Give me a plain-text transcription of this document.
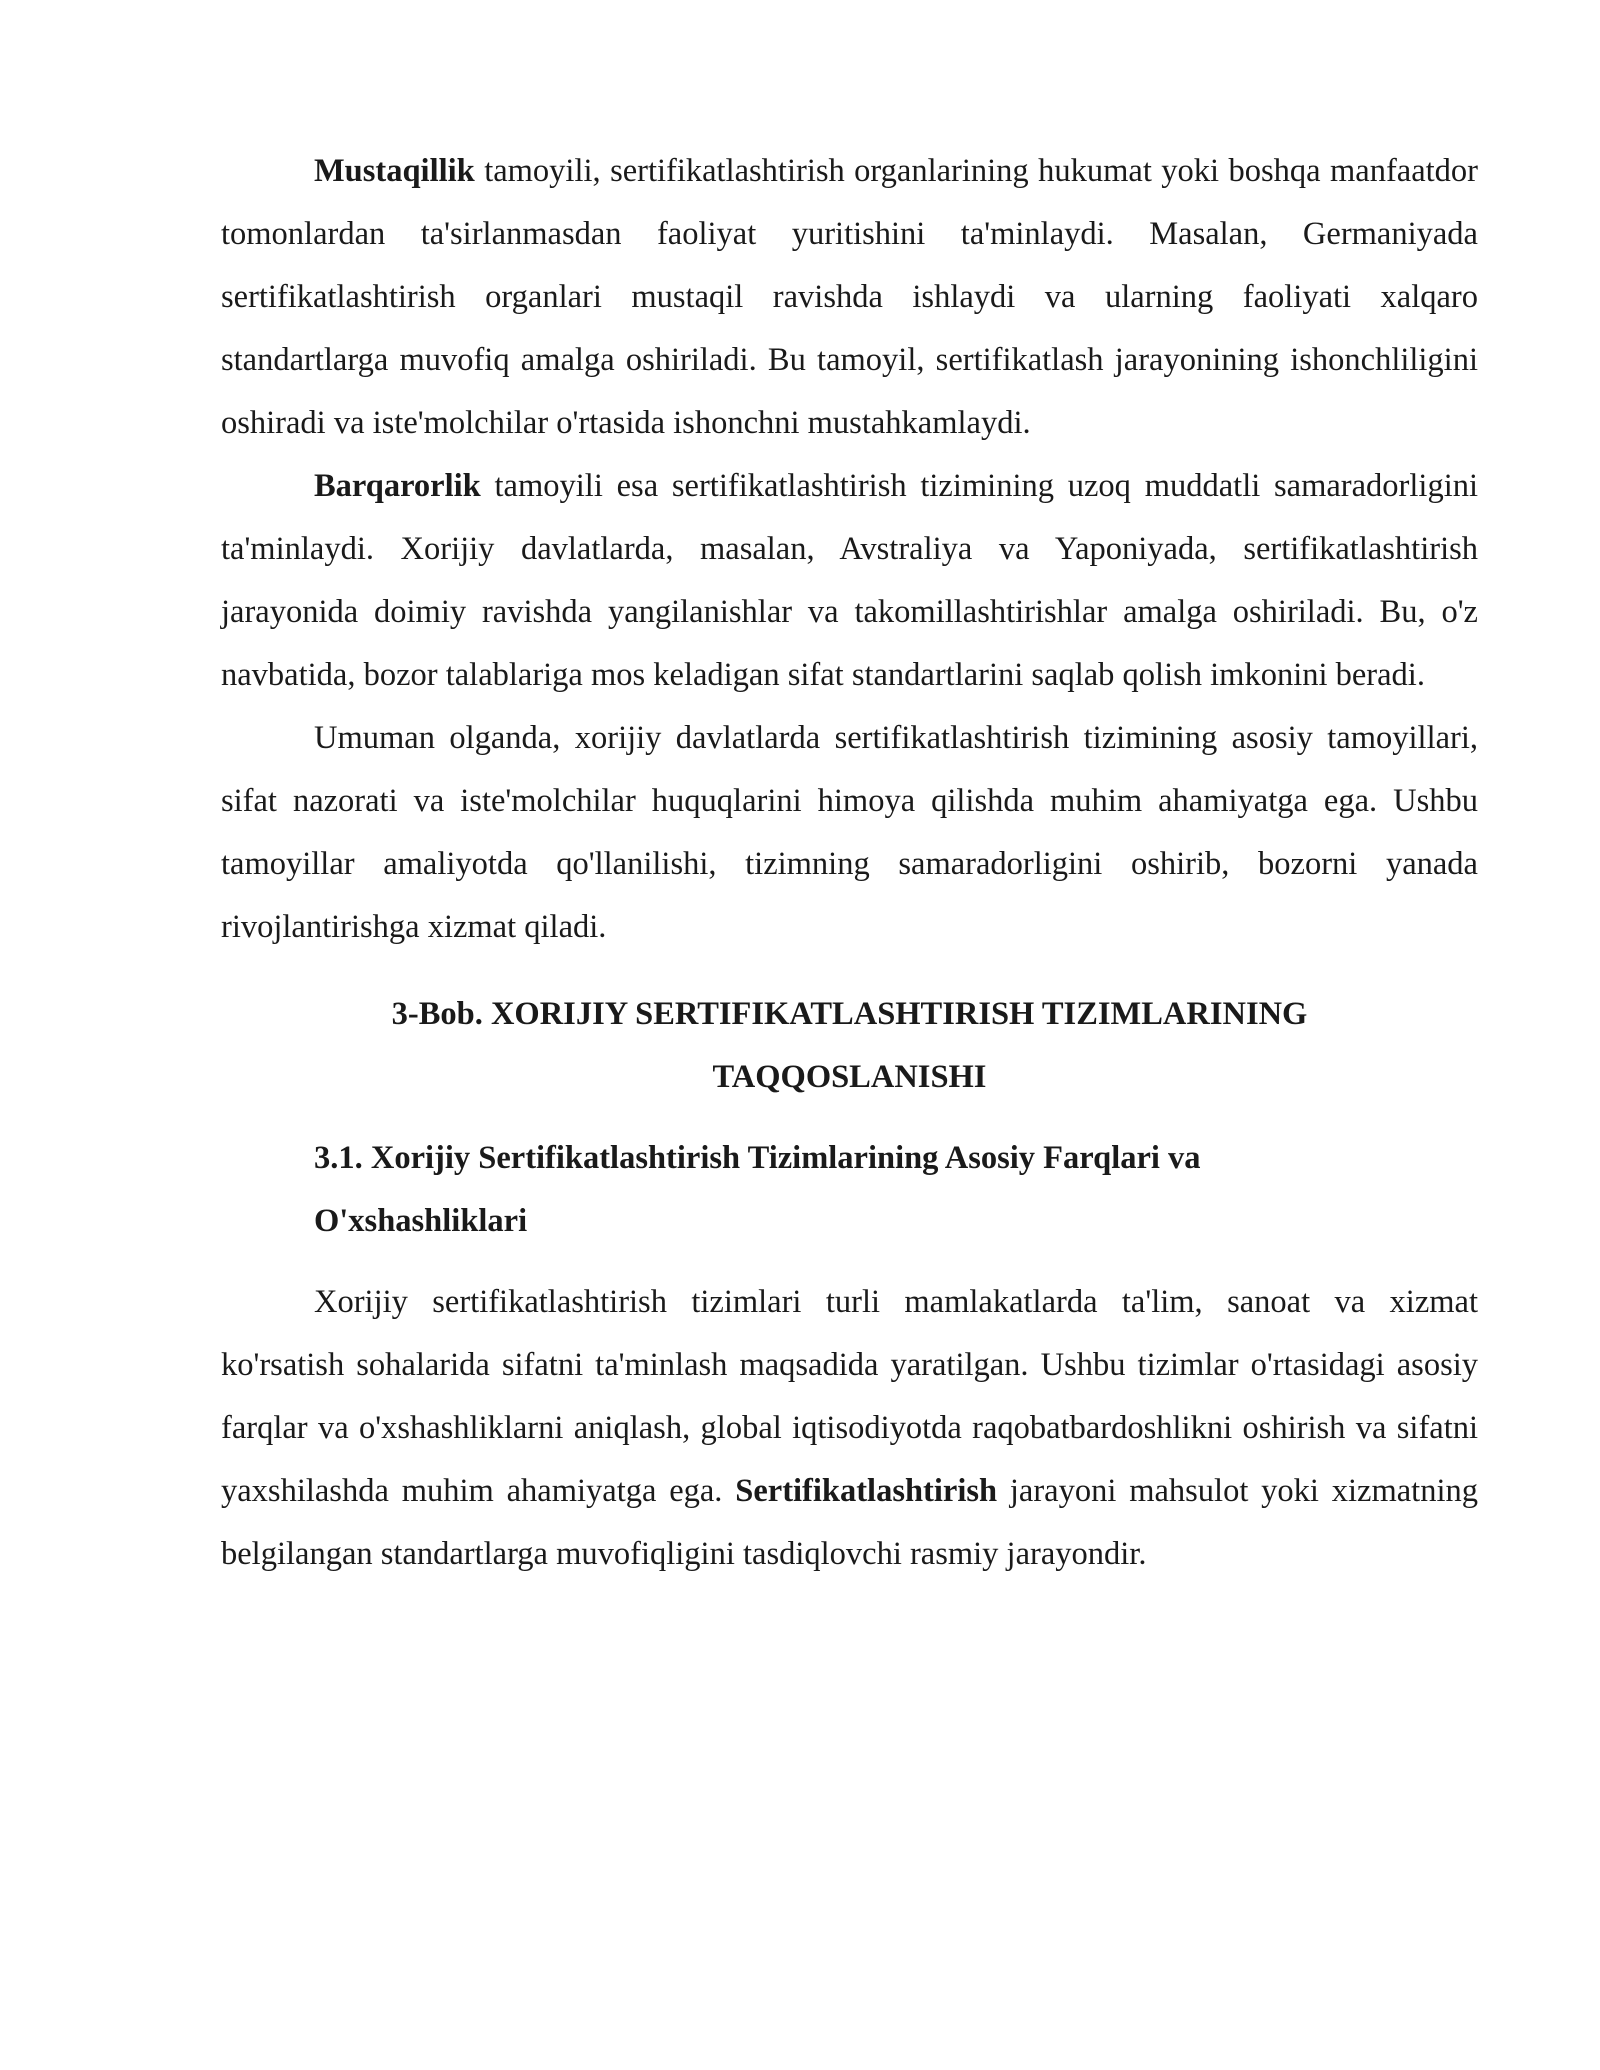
Mustaqillik tamoyili, sertifikatlashtirish organlarining hukumat yoki boshqa manfaatdor tomonlardan ta'sirlanmasdan faoliyat yuritishini ta'minlaydi. Masalan, Germaniyada sertifikatlashtirish organlari mustaqil ravishda ishlaydi va ularning faoliyati xalqaro standartlarga muvofiq amalga oshiriladi. Bu tamoyil, sertifikatlash jarayonining ishonchliligini oshiradi va iste'molchilar o'rtasida ishonchni mustahkamlaydi.

Barqarorlik tamoyili esa sertifikatlashtirish tizimining uzoq muddatli samaradorligini ta'minlaydi. Xorijiy davlatlarda, masalan, Avstraliya va Yaponiyada, sertifikatlashtirish jarayonida doimiy ravishda yangilanishlar va takomillashtirishlar amalga oshiriladi. Bu, o'z navbatida, bozor talablariga mos keladigan sifat standartlarini saqlab qolish imkonini beradi.

Umuman olganda, xorijiy davlatlarda sertifikatlashtirish tizimining asosiy tamoyillari, sifat nazorati va iste'molchilar huquqlarini himoya qilishda muhim ahamiyatga ega. Ushbu tamoyillar amaliyotda qo'llanilishi, tizimning samaradorligini oshirib, bozorni yanada rivojlantirishga xizmat qiladi.

3-Bob. XORIJIY SERTIFIKATLASHTIRISH TIZIMLARINING
TAQQOSLANISHI
3.1. Xorijiy Sertifikatlashtirish Tizimlarining Asosiy Farqlari va O'xshashliklari

Xorijiy sertifikatlashtirish tizimlari turli mamlakatlarda ta'lim, sanoat va xizmat ko'rsatish sohalarida sifatni ta'minlash maqsadida yaratilgan. Ushbu tizimlar o'rtasidagi asosiy farqlar va o'xshashliklarni aniqlash, global iqtisodiyotda raqobatbardoshlikni oshirish va sifatni yaxshilashda muhim ahamiyatga ega. Sertifikatlashtirish jarayoni mahsulot yoki xizmatning belgilangan standartlarga muvofiqligini tasdiqlovchi rasmiy jarayondir.
